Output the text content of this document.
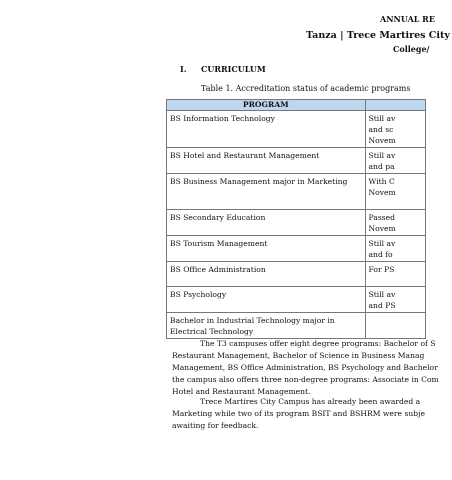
ANNUAL RE
Tanza | Trece Martires City
College/
I. CURRICULUM
Table 1. Accreditation status of academic programs
PROGRAM	
BS Information Technology	Still av
and sc
Novem

BS Hotel and Restaurant Management	Still av
and pa

BS Business Management major in Marketing	With C
Novem

BS Secondary Education	Passed
Novem

BS Tourism Management	Still av
and fo

BS Office Administration	For PS

BS Psychology	Still av
and PS

Bachelor in Industrial Technology major in Electrical Technology	

The T3 campuses offer eight degree programs: Bachelor of S

Restaurant Management, Bachelor of Science in Business Manag

Management, BS Office Administration, BS Psychology and Bachelor

the campus also offers three non-degree programs: Associate in Com

Hotel and Restaurant Management.

Trece Martires City Campus has already been awarded a

Marketing while two of its program BSIT and BSHRM were subje

awaiting for feedback.
